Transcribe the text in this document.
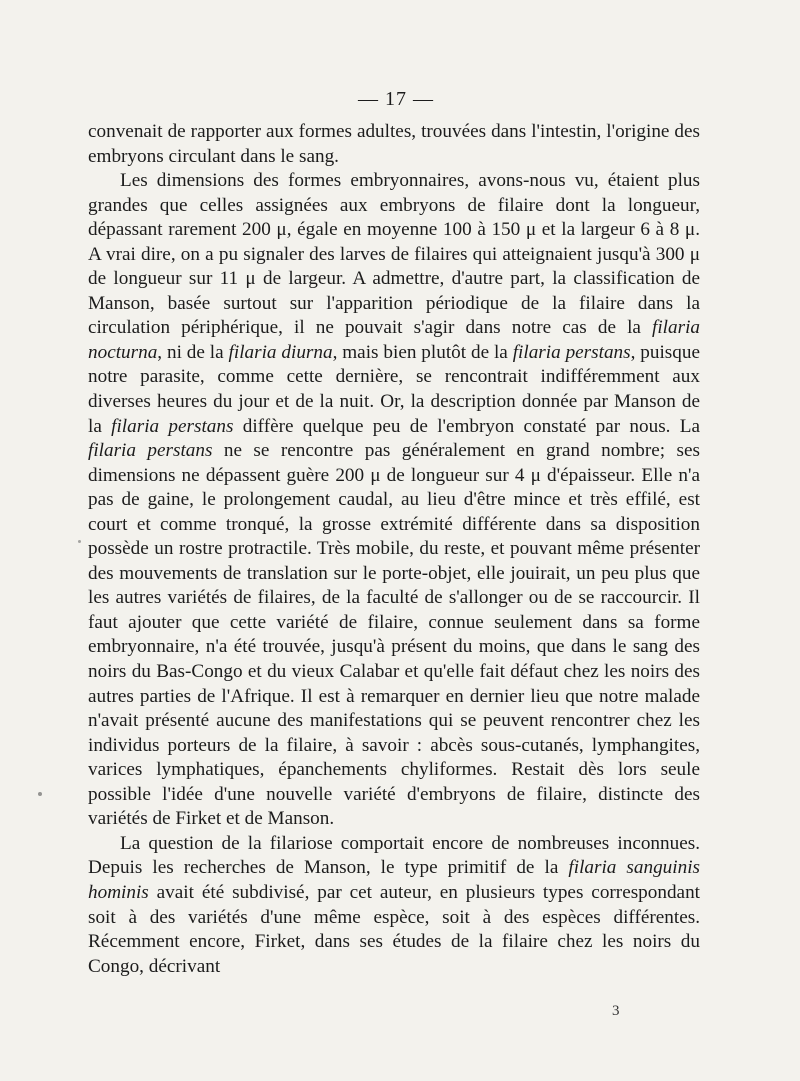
— 17 —

convenait de rapporter aux formes adultes, trouvées dans l'intestin, l'origine des embryons circulant dans le sang.

Les dimensions des formes embryonnaires, avons-nous vu, étaient plus grandes que celles assignées aux embryons de filaire dont la longueur, dépassant rarement 200 μ, égale en moyenne 100 à 150 μ et la largeur 6 à 8 μ. A vrai dire, on a pu signaler des larves de filaires qui atteignaient jusqu'à 300 μ de longueur sur 11 μ de largeur. A admettre, d'autre part, la classification de Manson, basée surtout sur l'apparition périodique de la filaire dans la circulation périphérique, il ne pouvait s'agir dans notre cas de la filaria nocturna, ni de la filaria diurna, mais bien plutôt de la filaria perstans, puisque notre parasite, comme cette dernière, se rencontrait indifféremment aux diverses heures du jour et de la nuit. Or, la description donnée par Manson de la filaria perstans diffère quelque peu de l'embryon constaté par nous. La filaria perstans ne se rencontre pas généralement en grand nombre; ses dimensions ne dépassent guère 200 μ de longueur sur 4 μ d'épaisseur. Elle n'a pas de gaine, le prolongement caudal, au lieu d'être mince et très effilé, est court et comme tronqué, la grosse extrémité différente dans sa disposition possède un rostre protractile. Très mobile, du reste, et pouvant même présenter des mouvements de translation sur le porte-objet, elle jouirait, un peu plus que les autres variétés de filaires, de la faculté de s'allonger ou de se raccourcir. Il faut ajouter que cette variété de filaire, connue seulement dans sa forme embryonnaire, n'a été trouvée, jusqu'à présent du moins, que dans le sang des noirs du Bas-Congo et du vieux Calabar et qu'elle fait défaut chez les noirs des autres parties de l'Afrique. Il est à remarquer en dernier lieu que notre malade n'avait présenté aucune des manifestations qui se peuvent rencontrer chez les individus porteurs de la filaire, à savoir : abcès sous-cutanés, lymphangites, varices lymphatiques, épanchements chyliformes. Restait dès lors seule possible l'idée d'une nouvelle variété d'embryons de filaire, distincte des variétés de Firket et de Manson.

La question de la filariose comportait encore de nombreuses inconnues. Depuis les recherches de Manson, le type primitif de la filaria sanguinis hominis avait été subdivisé, par cet auteur, en plusieurs types correspondant soit à des variétés d'une même espèce, soit à des espèces différentes. Récemment encore, Firket, dans ses études de la filaire chez les noirs du Congo, décrivant

3
